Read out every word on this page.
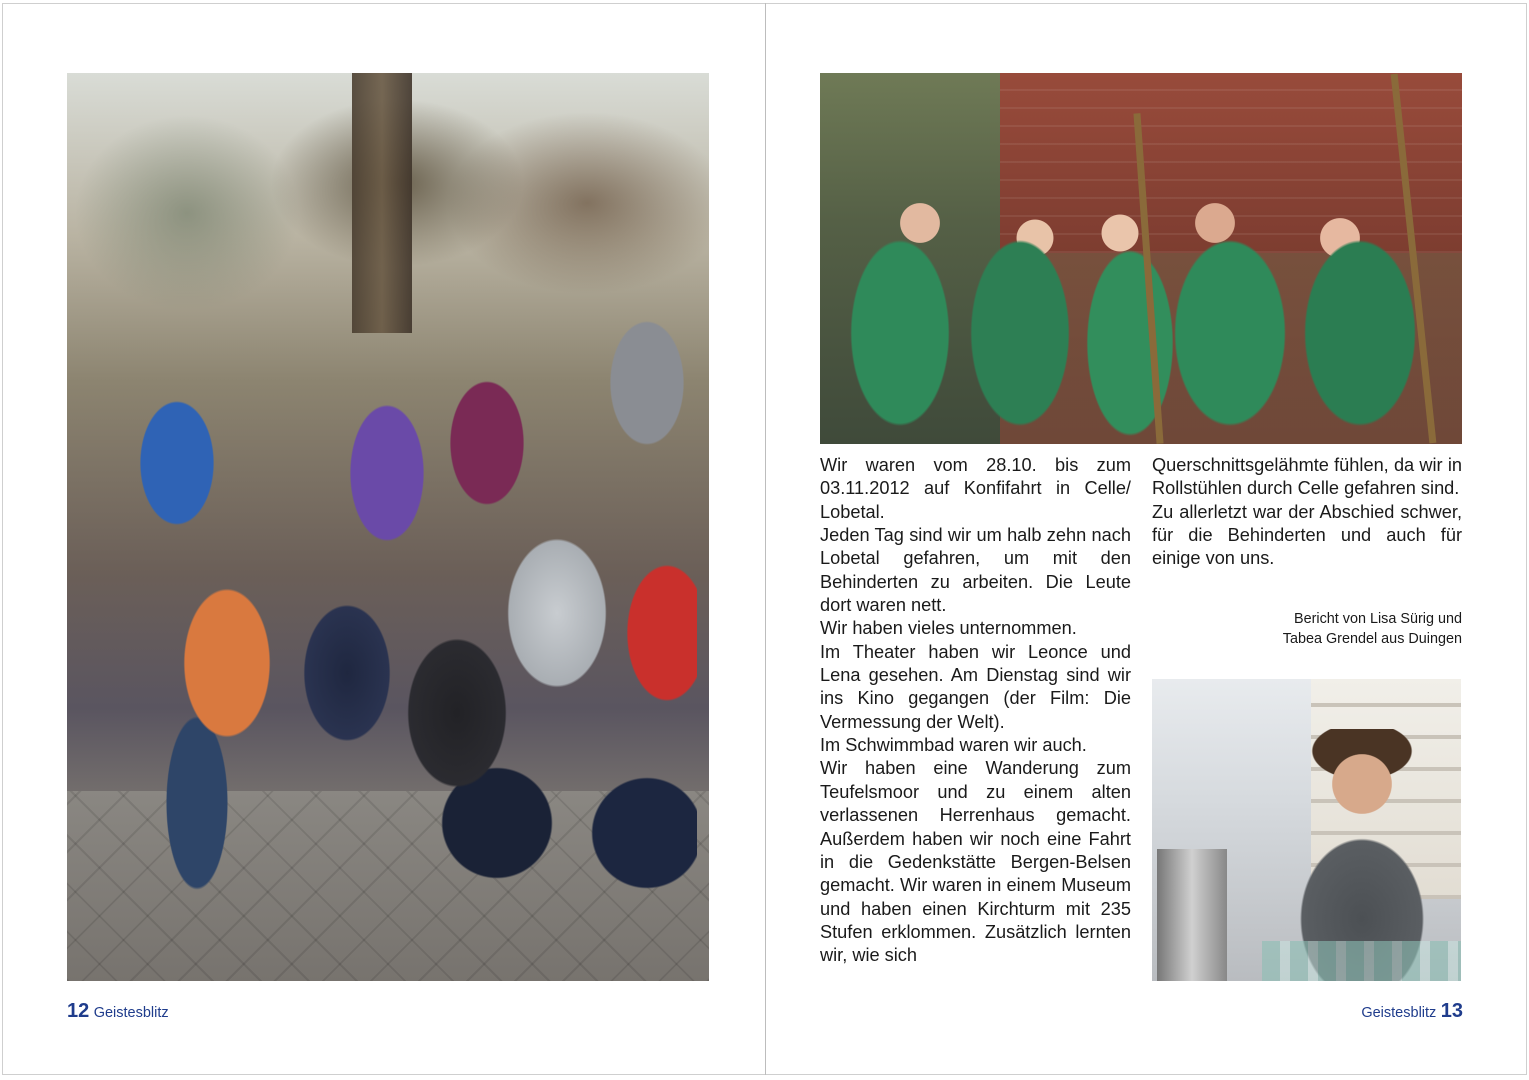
Wir waren vom 28.10. bis zum 03.11.2012 auf Konfifahrt in Celle/ Lobetal.

Jeden Tag sind wir um halb zehn nach Lobetal gefahren, um mit den Behinderten zu arbeiten. Die Leute dort waren nett.

Wir haben vieles unternommen.

Im Theater haben wir Leonce und Lena gesehen. Am Dienstag sind wir ins Kino gegangen (der Film: Die Vermessung der Welt).

Im Schwimmbad waren wir auch.

Wir haben eine Wanderung zum Teufelsmoor und zu einem alten verlassenen Herrenhaus gemacht. Außerdem haben wir noch eine Fahrt in die Gedenkstätte Bergen-Belsen gemacht. Wir waren in einem Museum und haben einen Kirchturm mit 235 Stufen erklommen. Zusätzlich lernten wir, wie sich

Querschnittsgelähmte fühlen, da wir in Rollstühlen durch Celle gefahren sind.

Zu allerletzt war der Abschied schwer, für die Behinderten und auch für einige von uns.

Bericht von Lisa Sürig und
Tabea Grendel aus Duingen
12 Geistesblitz	Geistesblitz 13
